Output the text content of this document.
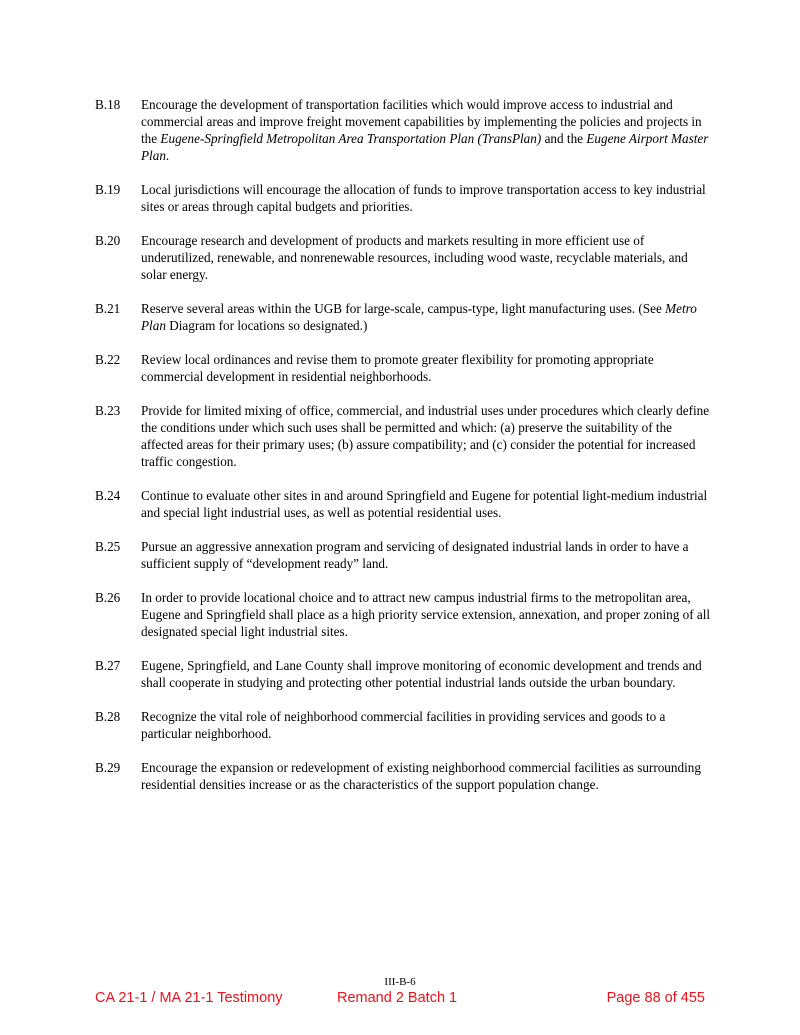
B.18 Encourage the development of transportation facilities which would improve access to industrial and commercial areas and improve freight movement capabilities by implementing the policies and projects in the Eugene-Springfield Metropolitan Area Transportation Plan (TransPlan) and the Eugene Airport Master Plan.
B.19 Local jurisdictions will encourage the allocation of funds to improve transportation access to key industrial sites or areas through capital budgets and priorities.
B.20 Encourage research and development of products and markets resulting in more efficient use of underutilized, renewable, and nonrenewable resources, including wood waste, recyclable materials, and solar energy.
B.21 Reserve several areas within the UGB for large-scale, campus-type, light manufacturing uses. (See Metro Plan Diagram for locations so designated.)
B.22 Review local ordinances and revise them to promote greater flexibility for promoting appropriate commercial development in residential neighborhoods.
B.23 Provide for limited mixing of office, commercial, and industrial uses under procedures which clearly define the conditions under which such uses shall be permitted and which: (a) preserve the suitability of the affected areas for their primary uses; (b) assure compatibility; and (c) consider the potential for increased traffic congestion.
B.24 Continue to evaluate other sites in and around Springfield and Eugene for potential light-medium industrial and special light industrial uses, as well as potential residential uses.
B.25 Pursue an aggressive annexation program and servicing of designated industrial lands in order to have a sufficient supply of “development ready” land.
B.26 In order to provide locational choice and to attract new campus industrial firms to the metropolitan area, Eugene and Springfield shall place as a high priority service extension, annexation, and proper zoning of all designated special light industrial sites.
B.27 Eugene, Springfield, and Lane County shall improve monitoring of economic development and trends and shall cooperate in studying and protecting other potential industrial lands outside the urban boundary.
B.28 Recognize the vital role of neighborhood commercial facilities in providing services and goods to a particular neighborhood.
B.29 Encourage the expansion or redevelopment of existing neighborhood commercial facilities as surrounding residential densities increase or as the characteristics of the support population change.
III-B-6
CA 21-1 / MA 21-1 Testimony	Remand 2 Batch 1	Page 88 of 455
